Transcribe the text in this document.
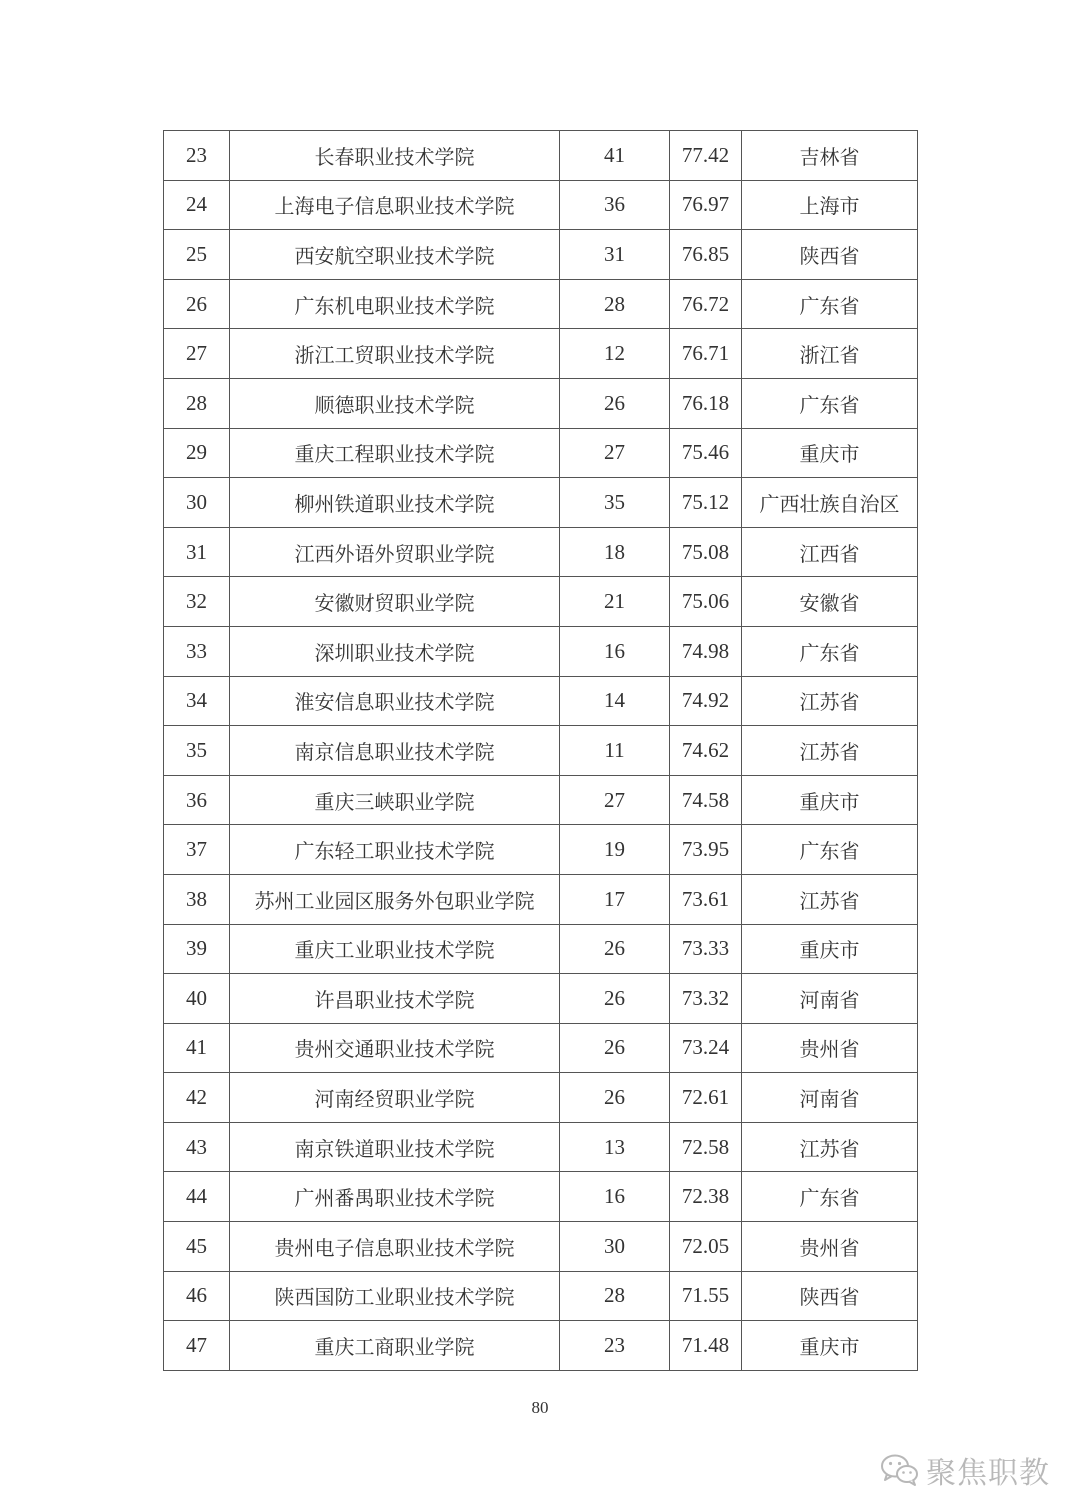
23	长春职业技术学院	41	77.42	吉林省
24	上海电子信息职业技术学院	36	76.97	上海市
25	西安航空职业技术学院	31	76.85	陕西省
26	广东机电职业技术学院	28	76.72	广东省
27	浙江工贸职业技术学院	12	76.71	浙江省
28	顺德职业技术学院	26	76.18	广东省
29	重庆工程职业技术学院	27	75.46	重庆市
30	柳州铁道职业技术学院	35	75.12	广西壮族自治区
31	江西外语外贸职业学院	18	75.08	江西省
32	安徽财贸职业学院	21	75.06	安徽省
33	深圳职业技术学院	16	74.98	广东省
34	淮安信息职业技术学院	14	74.92	江苏省
35	南京信息职业技术学院	11	74.62	江苏省
36	重庆三峡职业学院	27	74.58	重庆市
37	广东轻工职业技术学院	19	73.95	广东省
38	苏州工业园区服务外包职业学院	17	73.61	江苏省
39	重庆工业职业技术学院	26	73.33	重庆市
40	许昌职业技术学院	26	73.32	河南省
41	贵州交通职业技术学院	26	73.24	贵州省
42	河南经贸职业学院	26	72.61	河南省
43	南京铁道职业技术学院	13	72.58	江苏省
44	广州番禺职业技术学院	16	72.38	广东省
45	贵州电子信息职业技术学院	30	72.05	贵州省
46	陕西国防工业职业技术学院	28	71.55	陕西省
47	重庆工商职业学院	23	71.48	重庆市
80
聚焦职教
